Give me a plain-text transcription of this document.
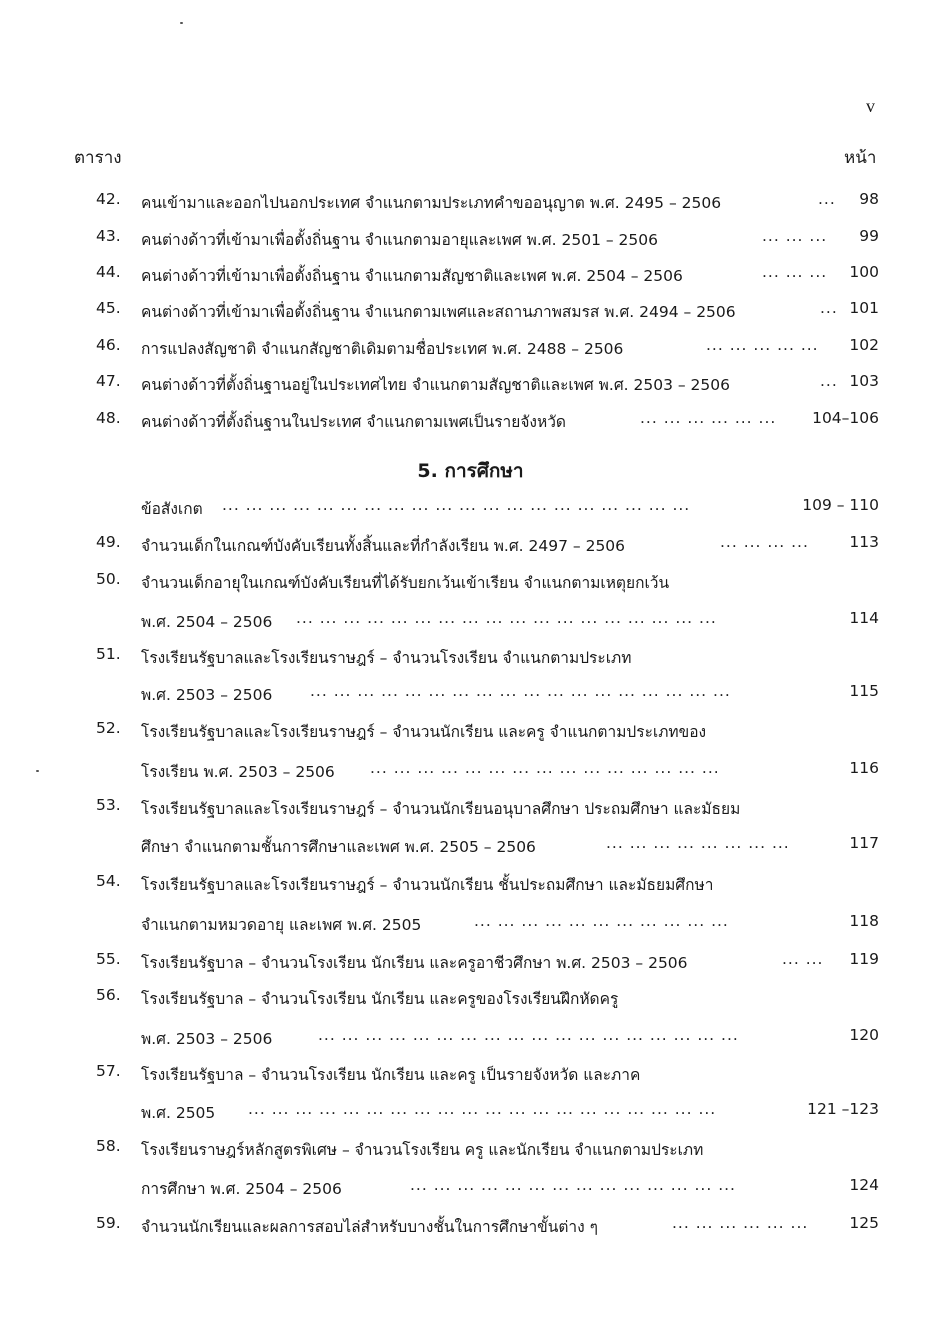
v
ตาราง	หน้า
42.	คนเข้ามาและออกไปนอกประเทศ จำแนกตามประเภทคำขออนุญาต พ.ศ. 2495 – 2506	... 98
43.	คนต่างด้าวที่เข้ามาเพื่อตั้งถิ่นฐาน จำแนกตามอายุและเพศ พ.ศ. 2501 – 2506	... ... ... 99
44.	คนต่างด้าวที่เข้ามาเพื่อตั้งถิ่นฐาน จำแนกตามสัญชาติและเพศ พ.ศ. 2504 – 2506	... ... ... 100
45.	คนต่างด้าวที่เข้ามาเพื่อตั้งถิ่นฐาน จำแนกตามเพศและสถานภาพสมรส พ.ศ. 2494 – 2506	... 101
46.	การแปลงสัญชาติ จำแนกสัญชาติเดิมตามชื่อประเทศ พ.ศ. 2488 – 2506	... ... ... ... ... 102
47.	คนต่างด้าวที่ตั้งถิ่นฐานอยู่ในประเทศไทย จำแนกตามสัญชาติและเพศ พ.ศ. 2503 – 2506	... 103
48.	คนต่างด้าวที่ตั้งถิ่นฐานในประเทศ จำแนกตามเพศเป็นรายจังหวัด	... ... ... ... ... ... 104–106
5. การศึกษา
ข้อสังเกต ... ... ... ... ... ... ... ... ... ... ... ... ... ... ... ... ... ... ... ...	109 – 110
49.	จำนวนเด็กในเกณฑ์บังคับเรียนทั้งสิ้นและที่กำลังเรียน พ.ศ. 2497 – 2506	... ... ... ...	113
50.	จำนวนเด็กอายุในเกณฑ์บังคับเรียนที่ได้รับยกเว้นเข้าเรียน จำแนกตามเหตุยกเว้น
พ.ศ. 2504 – 2506 ... ... ... ... ... ... ... ... ... ... ... ... ... ... ... ... ... ...	114
51.	โรงเรียนรัฐบาลและโรงเรียนราษฎร์ – จำนวนโรงเรียน จำแนกตามประเภท
พ.ศ. 2503 – 2506 ... ... ... ... ... ... ... ... ... ... ... ... ... ... ... ... ... ...	115
52.	โรงเรียนรัฐบาลและโรงเรียนราษฎร์ – จำนวนนักเรียน และครู จำแนกตามประเภทของ
โรงเรียน พ.ศ. 2503 – 2506 ... ... ... ... ... ... ... ... ... ... ... ... ... ... ...	116
53.	โรงเรียนรัฐบาลและโรงเรียนราษฎร์ – จำนวนนักเรียนอนุบาลศึกษา ประถมศึกษา และมัธยม
ศึกษา จำแนกตามชั้นการศึกษาและเพศ พ.ศ. 2505 – 2506	... ... ... ... ... ... ... ...	117
54.	โรงเรียนรัฐบาลและโรงเรียนราษฎร์ – จำนวนนักเรียน ชั้นประถมศึกษา และมัธยมศึกษา
จำแนกตามหมวดอายุ และเพศ พ.ศ. 2505	... ... ... ... ... ... ... ... ... ... ...	118
55.	โรงเรียนรัฐบาล – จำนวนโรงเรียน นักเรียน และครูอาชีวศึกษา พ.ศ. 2503 – 2506	... ... 119
56.	โรงเรียนรัฐบาล – จำนวนโรงเรียน นักเรียน และครูของโรงเรียนฝึกหัดครู
พ.ศ. 2503 – 2506	... ... ... ... ... ... ... ... ... ... ... ... ... ... ... ... ... ...	120
57.	โรงเรียนรัฐบาล – จำนวนโรงเรียน นักเรียน และครู เป็นรายจังหวัด และภาค
พ.ศ. 2505 ... ... ... ... ... ... ... ... ... ... ... ... ... ... ... ... ... ... ... ...	121 –123
58.	โรงเรียนราษฎร์หลักสูตรพิเศษ – จำนวนโรงเรียน ครู และนักเรียน จำแนกตามประเภท
การศึกษา พ.ศ. 2504 – 2506	... ... ... ... ... ... ... ... ... ... ... ... ... ...	124
59.	จำนวนนักเรียนและผลการสอบไล่สำหรับบางชั้นในการศึกษาขั้นต่าง ๆ	... ... ... ... ... ...	125
